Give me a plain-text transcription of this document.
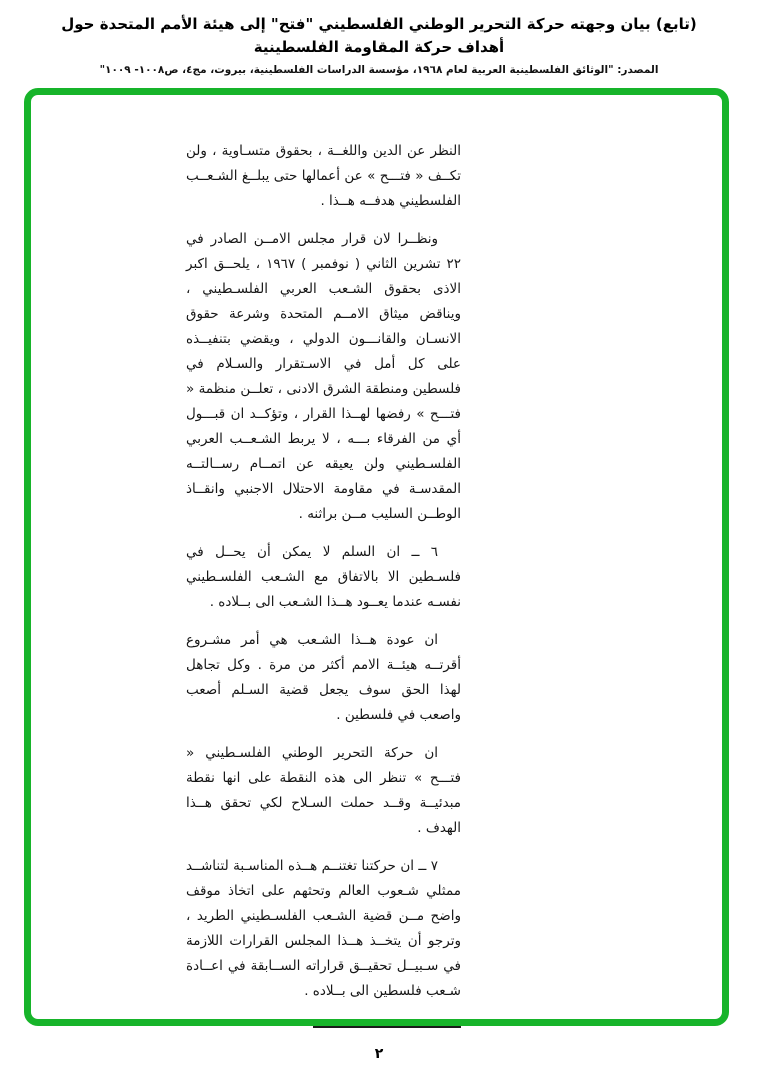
(تابع) بيان وجهته حركة التحرير الوطني الفلسطيني "فتح" إلى هيئة الأمم المتحدة حول أهداف حركة المقاومة الفلسطينية
المصدر: "الوثائق الفلسطينية العربية لعام ١٩٦٨، مؤسسة الدراسات الفلسطينية، بيروت، مج٤، ص١٠٠٨- ١٠٠٩"

النظر عن الدين واللغــة ، بحقوق متسـاوية ، ولن تكــف « فتـــح » عن أعمالها حتى يبلــغ الشـعــب الفلسطيني هدفــه هــذا .

ونظــرا لان قرار مجلس الامــن الصادر في ٢٢ تشرين الثاني ( نوفمبر ) ١٩٦٧ ، يلحــق اكبر الاذى بحقوق الشـعب العربي الفلسـطيني ، ويناقض ميثاق الامــم المتحدة وشرعة حقوق الانسـان والقانـــون الدولي ، ويقضي بتنفيــذه على كل أمل في الاسـتقرار والسـلام في فلسطين ومنطقة الشرق الادنى ، تعلــن منظمة « فتـــح » رفضها لهــذا القرار ، وتؤكــد ان قبـــول أي من الفرقاء بـــه ، لا يربط الشـعــب العربي الفلسـطيني ولن يعيقه عن اتمــام رســالتــه المقدسـة في مقاومة الاحتلال الاجنبي وانقــاذ الوطــن السليب مــن براثنه .

٦ ــ ان السلم لا يمكن أن يحــل في فلسـطين الا بالاتفاق مع الشـعب الفلسـطيني نفسـه عندما يعــود هــذا الشـعب الى بــلاده .

ان عودة هــذا الشـعب هي أمر مشـروع أقرتــه هيئــة الامم أكثر من مرة . وكل تجاهل لهذا الحق سوف يجعل قضية السـلم أصعب واصعب في فلسطين .

ان حركة التحرير الوطني الفلسـطيني « فتـــح » تنظر الى هذه النقطة على انها نقطة مبدئيــة وقــد حملت السـلاح لكي تحقق هــذا الهدف .

٧ ــ ان حركتنا تغتنــم هــذه المناسـبة لتناشــد ممثلي شـعوب العالم وتحثهم على اتخاذ موقف واضح مــن قضية الشـعب الفلسـطيني الطريد ، وترجو أن يتخــذ هــذا المجلس القرارات اللازمة في سـبيــل تحقيــق قراراته الســابقة في اعــادة شـعب فلسطين الى بــلاده .

٢
